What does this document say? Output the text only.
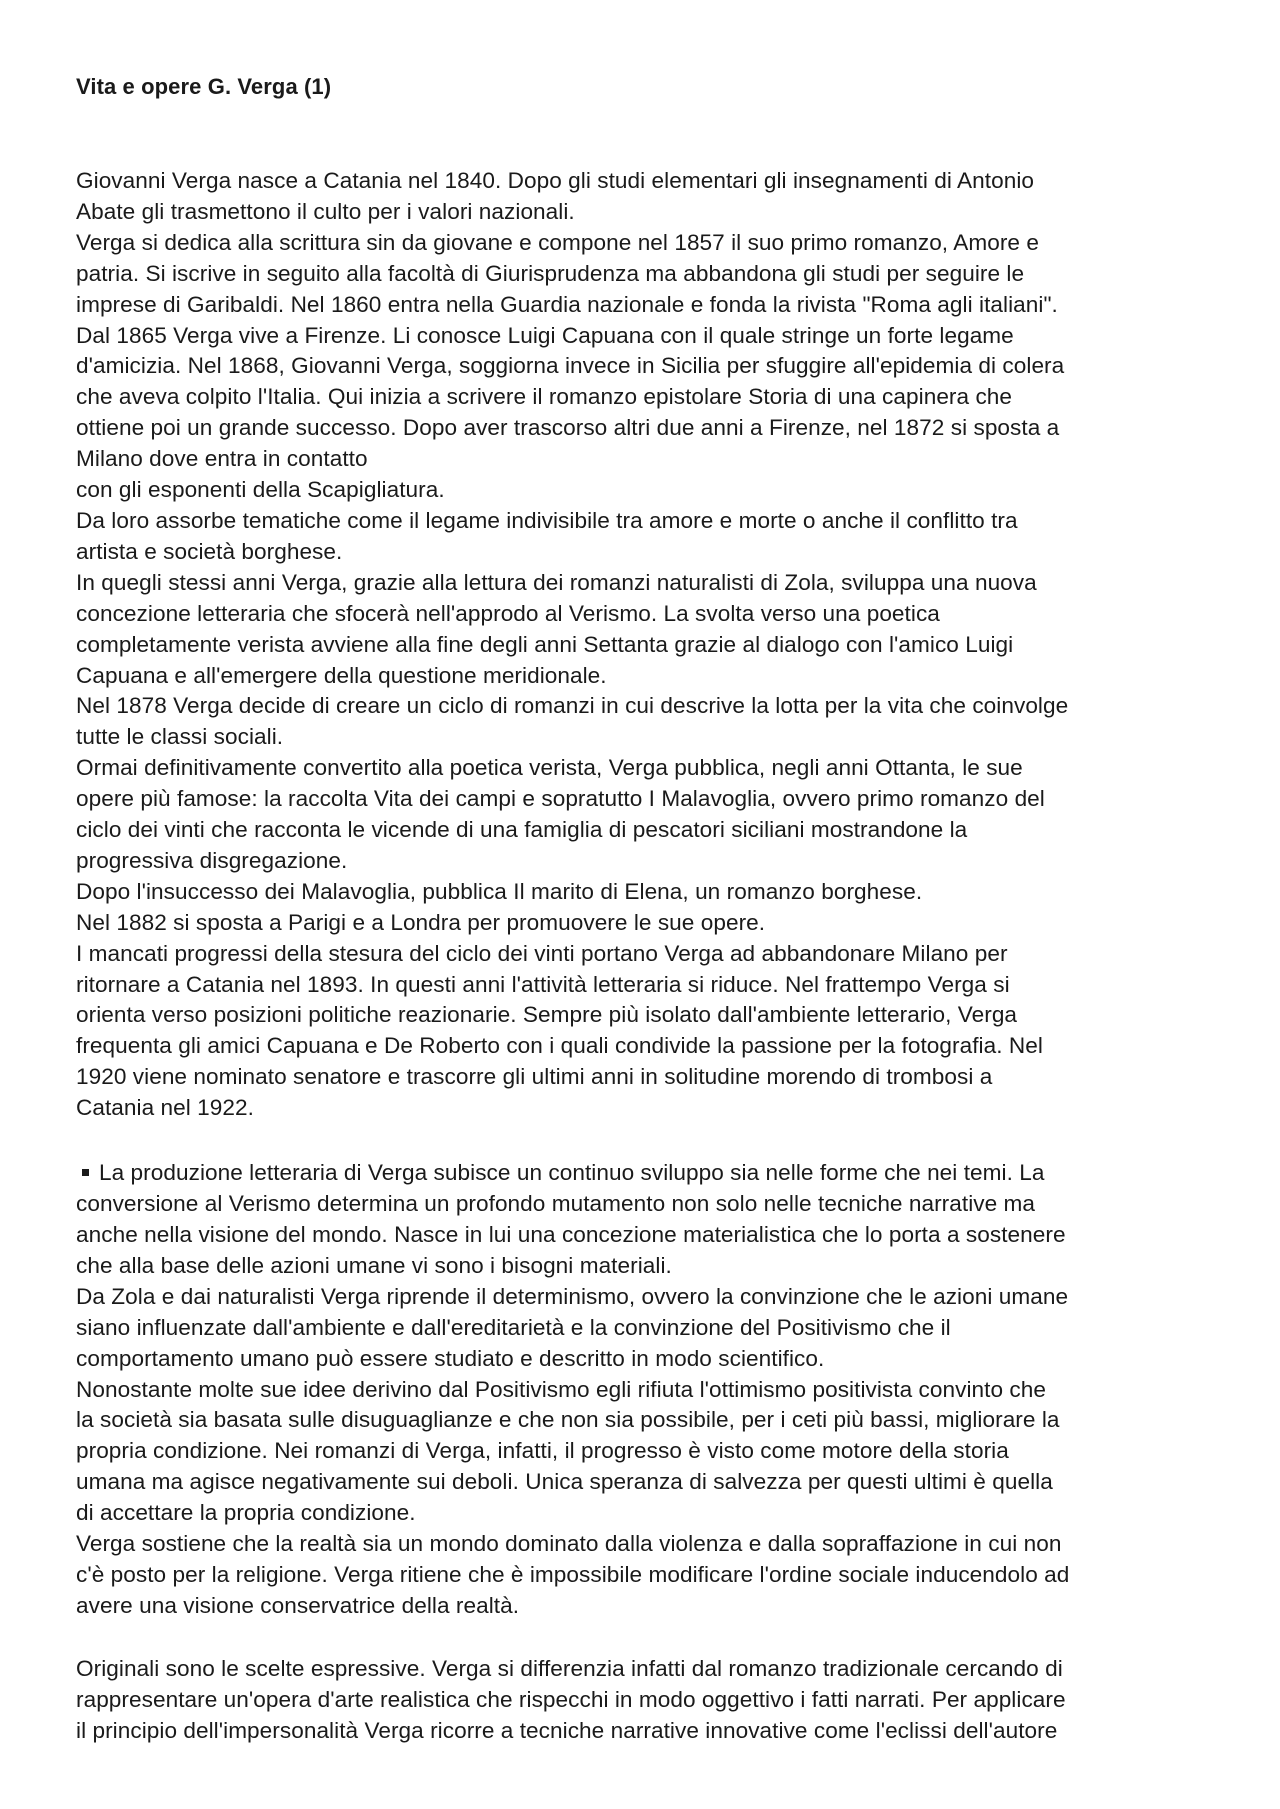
Vita e opere G. Verga (1)

Giovanni Verga nasce a Catania nel 1840. Dopo gli studi elementari gli insegnamenti di Antonio

Abate gli trasmettono il culto per i valori nazionali.

Verga si dedica alla scrittura sin da giovane e compone nel 1857 il suo primo romanzo, Amore e

patria. Si iscrive in seguito alla facoltà di Giurisprudenza ma abbandona gli studi per seguire le

imprese di Garibaldi. Nel 1860 entra nella Guardia nazionale e fonda la rivista "Roma agli italiani".

Dal 1865 Verga vive a Firenze. Li conosce Luigi Capuana con il quale stringe un forte legame

d'amicizia. Nel 1868, Giovanni Verga, soggiorna invece in Sicilia per sfuggire all'epidemia di colera

che aveva colpito l'Italia. Qui inizia a scrivere il romanzo epistolare Storia di una capinera che

ottiene poi un grande successo. Dopo aver trascorso altri due anni a Firenze, nel 1872 si sposta a

Milano dove entra in contatto

con gli esponenti della Scapigliatura.

Da loro assorbe tematiche come il legame indivisibile tra amore e morte o anche il conflitto tra

artista e società borghese.

In quegli stessi anni Verga, grazie alla lettura dei romanzi naturalisti di Zola, sviluppa una nuova

concezione letteraria che sfocerà nell'approdo al Verismo. La svolta verso una poetica

completamente verista avviene alla fine degli anni Settanta grazie al dialogo con l'amico Luigi

Capuana e all'emergere della questione meridionale.

Nel 1878 Verga decide di creare un ciclo di romanzi in cui descrive la lotta per la vita che coinvolge

tutte le classi sociali.

Ormai definitivamente convertito alla poetica verista, Verga pubblica, negli anni Ottanta, le sue

opere più famose: la raccolta Vita dei campi e sopratutto I Malavoglia, ovvero primo romanzo del

ciclo dei vinti che racconta le vicende di una famiglia di pescatori siciliani mostrandone la

progressiva disgregazione.

Dopo l'insuccesso dei Malavoglia, pubblica Il marito di Elena, un romanzo borghese.

Nel 1882 si sposta a Parigi e a Londra per promuovere le sue opere.

I mancati progressi della stesura del ciclo dei vinti portano Verga ad abbandonare Milano per

ritornare a Catania nel 1893. In questi anni l'attività letteraria si riduce. Nel frattempo Verga si

orienta verso posizioni politiche reazionarie. Sempre più isolato dall'ambiente letterario, Verga

frequenta gli amici Capuana e De Roberto con i quali condivide la passione per la fotografia. Nel

1920 viene nominato senatore e trascorre gli ultimi anni in solitudine morendo di trombosi a

Catania nel 1922.

La produzione letteraria di Verga subisce un continuo sviluppo sia nelle forme che nei temi. La

conversione al Verismo determina un profondo mutamento non solo nelle tecniche narrative ma

anche nella visione del mondo. Nasce in lui una concezione materialistica che lo porta a sostenere

che alla base delle azioni umane vi sono i bisogni materiali.

Da Zola e dai naturalisti Verga riprende il determinismo, ovvero la convinzione che le azioni umane

siano influenzate dall'ambiente e dall'ereditarietà e la convinzione del Positivismo che il

comportamento umano può essere studiato e descritto in modo scientifico.

Nonostante molte sue idee derivino dal Positivismo egli rifiuta l'ottimismo positivista convinto che

la società sia basata sulle disuguaglianze e che non sia possibile, per i ceti più bassi, migliorare la

propria condizione. Nei romanzi di Verga, infatti, il progresso è visto come motore della storia

umana ma agisce negativamente sui deboli. Unica speranza di salvezza per questi ultimi è quella

di accettare la propria condizione.

Verga sostiene che la realtà sia un mondo dominato dalla violenza e dalla sopraffazione in cui non

c'è posto per la religione. Verga ritiene che è impossibile modificare l'ordine sociale inducendolo ad

avere una visione conservatrice della realtà.

Originali sono le scelte espressive. Verga si differenzia infatti dal romanzo tradizionale cercando di

rappresentare un'opera d'arte realistica che rispecchi in modo oggettivo i fatti narrati. Per applicare

il principio dell'impersonalità Verga ricorre a tecniche narrative innovative come l'eclissi dell'autore
